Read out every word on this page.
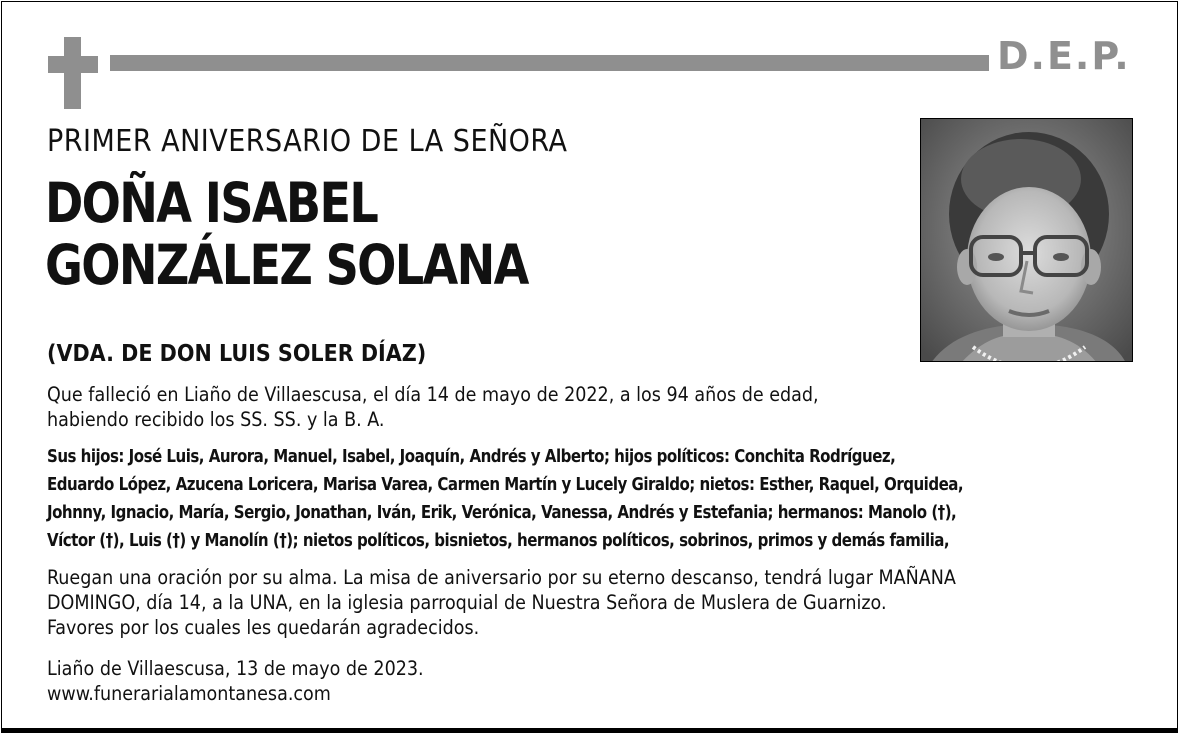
D.E.P.
PRIMER ANIVERSARIO DE LA SEÑORA
DOÑA ISABEL
GONZÁLEZ SOLANA
(VDA. DE DON LUIS SOLER DÍAZ)
Que falleció en Liaño de Villaescusa, el día 14 de mayo de 2022, a los 94 años de edad,
habiendo recibido los SS. SS. y la B. A.
Sus hijos: José Luis, Aurora, Manuel, Isabel, Joaquín, Andrés y Alberto; hijos políticos: Conchita Rodríguez,
Eduardo López, Azucena Loricera, Marisa Varea, Carmen Martín y Lucely Giraldo; nietos: Esther, Raquel, Orquidea,
Johnny, Ignacio, María, Sergio, Jonathan, Iván, Erik, Verónica, Vanessa, Andrés y Estefania; hermanos: Manolo (†),
Víctor (†), Luis (†) y Manolín (†); nietos políticos, bisnietos, hermanos políticos, sobrinos, primos y demás familia,
Ruegan una oración por su alma. La misa de aniversario por su eterno descanso, tendrá lugar MAÑANA
DOMINGO, día 14, a la UNA, en la iglesia parroquial de Nuestra Señora de Muslera de Guarnizo.
Favores por los cuales les quedarán agradecidos.
Liaño de Villaescusa, 13 de mayo de 2023.
www.funerarialamontanesa.com
